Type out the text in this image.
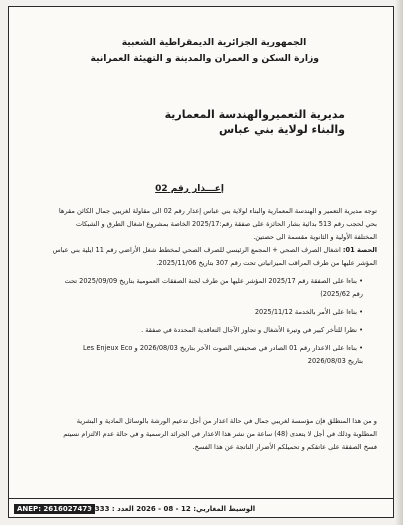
الجمهورية الجزائرية الديمقراطية الشعبية
وزارة السكن و العمران والمدينة و التهيئة العمرانية
مديرية التعميروالهندسة المعمارية
والبناء لولاية بني عباس
إعـــذار رقم 02

توجه مديرية التعمير و الهندسة المعمارية والبناء لولاية بني عباس إعذار رقم 02 الى مقاولة لغريبي جمال الكائن مقرها

بحي لحجب رقم 513 بدائية بشار الحائزة على صفقة رقم:2025/17 الخاصة بمشروع اشغال الطرق و الشبكات

المختلفة الأولية و الثانوية مقسمة الى حصتين.

الحصة 01: اشغال الصرف الصحي + المجمع الرئيسي للصرف الصحي لمخطط شغل الأراضي رقم 11 ايلية بني عباس

المؤشر عليها من طرف المراقب الميزانياتي تحت رقم 307 بتاريخ 2025/11/06.

• بناءا على الصفقة رقم 2025/17 المؤشر عليها من طرف لجنة الصفقات العمومية بتاريخ 2025/09/09 تحت

رقم 2025/62)

• بناءا على الأمر بالخدمة 2025/11/12

• نظرا للتأخر كبير في وتيرة الأشغال و تجاوز الآجال التعاقدية المحددة في صفقة .

• بناءا على الاعذار رقم 01 الصادر في صحيفتي الصوت الآخر بتاريخ 2026/08/03 و Les Enjeux Eco

بتاريخ 2026/08/03

و من هذا المنطلق فإن مؤسسة لغريبي جمال في حالة اعذار من أجل تدعيم الورشة بالوسائل المادية و البشرية

المطلوبة وذلك في أجل لا يتعدى (48) ساعة من نشر هذا الاعذار في الجرائد الرسمية و في حالة عدم الالتزام نسيتم

فسخ الصفقة على عاتقكم و تحميلكم الأضرار الناتجة عن هذا الفسخ.

ANEP: 2616027473
الوسيط المغاربي: 12 - 08 - 2026 العدد : 2333
